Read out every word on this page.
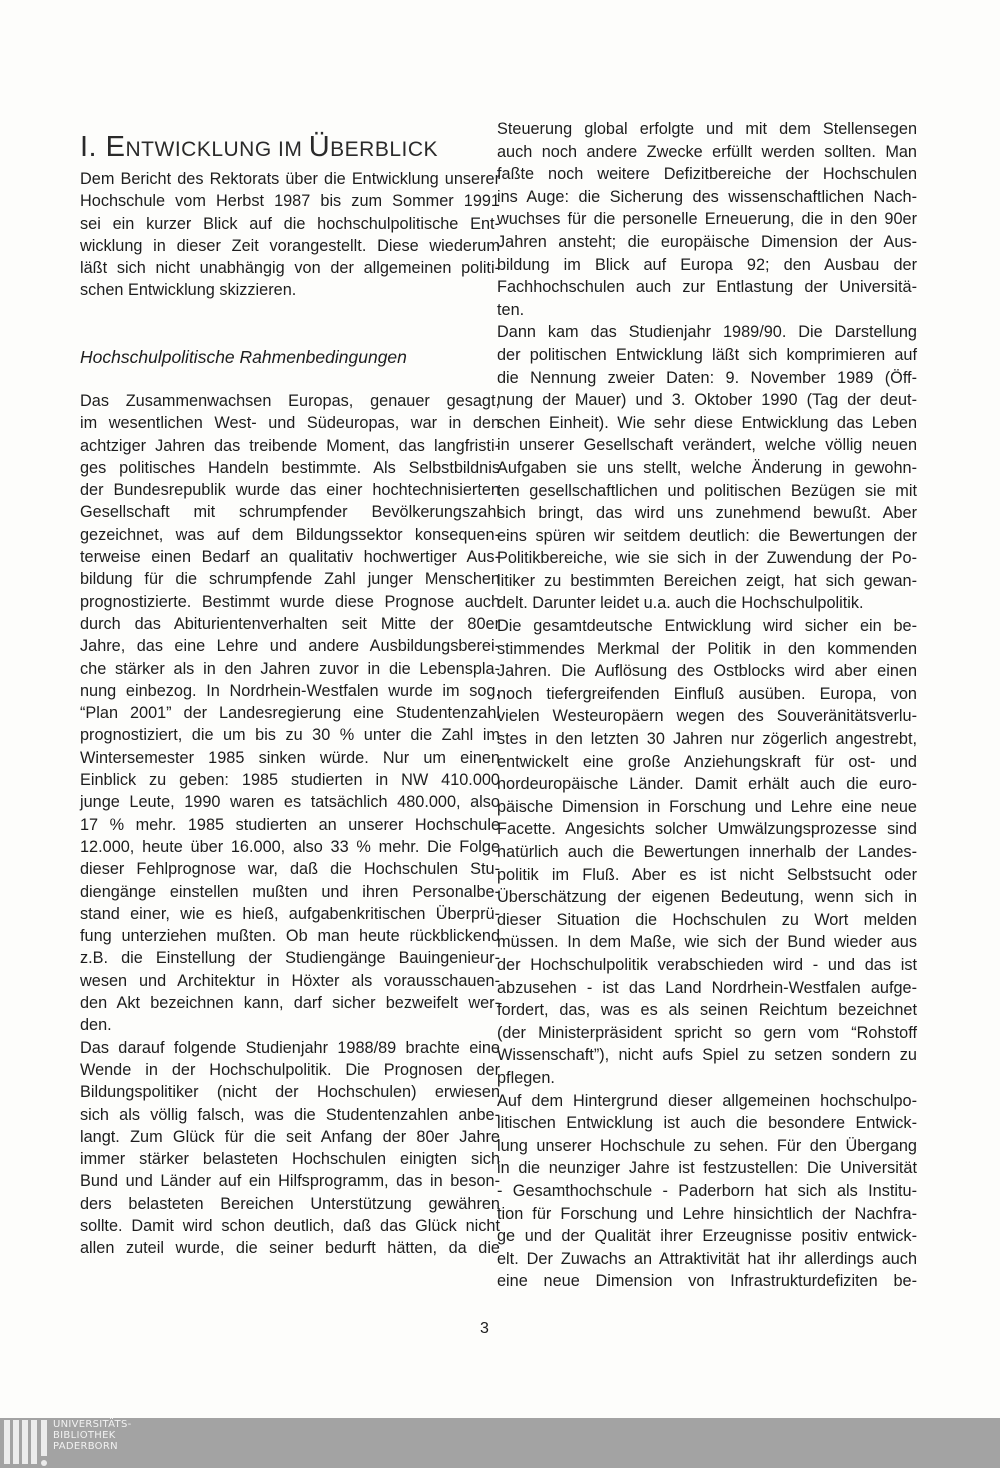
I. ENTWICKLUNG IM ÜBERBLICK
Dem Bericht des Rektorats über die Entwicklung unserer
Hochschule vom Herbst 1987 bis zum Sommer 1991
sei ein kurzer Blick auf die hochschulpolitische Ent-
wicklung in dieser Zeit vorangestellt. Diese wiederum
läßt sich nicht unabhängig von der allgemeinen politi-
schen Entwicklung skizzieren.
Hochschulpolitische Rahmenbedingungen
Das Zusammenwachsen Europas, genauer gesagt,
im wesentlichen West- und Südeuropas, war in den
achtziger Jahren das treibende Moment, das langfristi-
ges politisches Handeln bestimmte. Als Selbstbildnis
der Bundesrepublik wurde das einer hochtechnisierten
Gesellschaft mit schrumpfender Bevölkerungszahl
gezeichnet, was auf dem Bildungssektor konsequen-
terweise einen Bedarf an qualitativ hochwertiger Aus-
bildung für die schrumpfende Zahl junger Menschen
prognostizierte. Bestimmt wurde diese Prognose auch
durch das Abiturientenverhalten seit Mitte der 80er
Jahre, das eine Lehre und andere Ausbildungsberei-
che stärker als in den Jahren zuvor in die Lebenspla-
nung einbezog. In Nordrhein-Westfalen wurde im sog.
“Plan 2001” der Landesregierung eine Studentenzahl
prognostiziert, die um bis zu 30 % unter die Zahl im
Wintersemester 1985 sinken würde. Nur um einen
Einblick zu geben: 1985 studierten in NW 410.000
junge Leute, 1990 waren es tatsächlich 480.000, also
17 % mehr. 1985 studierten an unserer Hochschule
12.000, heute über 16.000, also 33 % mehr. Die Folge
dieser Fehlprognose war, daß die Hochschulen Stu-
diengänge einstellen mußten und ihren Personalbe-
stand einer, wie es hieß, aufgabenkritischen Überprü-
fung unterziehen mußten. Ob man heute rückblickend
z.B. die Einstellung der Studiengänge Bauingenieur-
wesen und Architektur in Höxter als vorausschauen-
den Akt bezeichnen kann, darf sicher bezweifelt wer-
den.
Das darauf folgende Studienjahr 1988/89 brachte eine
Wende in der Hochschulpolitik. Die Prognosen der
Bildungspolitiker (nicht der Hochschulen) erwiesen
sich als völlig falsch, was die Studentenzahlen anbe-
langt. Zum Glück für die seit Anfang der 80er Jahre
immer stärker belasteten Hochschulen einigten sich
Bund und Länder auf ein Hilfsprogramm, das in beson-
ders belasteten Bereichen Unterstützung gewähren
sollte. Damit wird schon deutlich, daß das Glück nicht
allen zuteil wurde, die seiner bedurft hätten, da die
Steuerung global erfolgte und mit dem Stellensegen
auch noch andere Zwecke erfüllt werden sollten. Man
faßte noch weitere Defizitbereiche der Hochschulen
ins Auge: die Sicherung des wissenschaftlichen Nach-
wuchses für die personelle Erneuerung, die in den 90er
Jahren ansteht; die europäische Dimension der Aus-
bildung im Blick auf Europa 92; den Ausbau der
Fachhochschulen auch zur Entlastung der Universitä-
ten.
Dann kam das Studienjahr 1989/90. Die Darstellung
der politischen Entwicklung läßt sich komprimieren auf
die Nennung zweier Daten: 9. November 1989 (Öff-
nung der Mauer) und 3. Oktober 1990 (Tag der deut-
schen Einheit). Wie sehr diese Entwicklung das Leben
in unserer Gesellschaft verändert, welche völlig neuen
Aufgaben sie uns stellt, welche Änderung in gewohn-
ten gesellschaftlichen und politischen Bezügen sie mit
sich bringt, das wird uns zunehmend bewußt. Aber
eins spüren wir seitdem deutlich: die Bewertungen der
Politikbereiche, wie sie sich in der Zuwendung der Po-
litiker zu bestimmten Bereichen zeigt, hat sich gewan-
delt. Darunter leidet u.a. auch die Hochschulpolitik.
Die gesamtdeutsche Entwicklung wird sicher ein be-
stimmendes Merkmal der Politik in den kommenden
Jahren. Die Auflösung des Ostblocks wird aber einen
noch tiefergreifenden Einfluß ausüben. Europa, von
vielen Westeuropäern wegen des Souveränitätsverlu-
stes in den letzten 30 Jahren nur zögerlich angestrebt,
entwickelt eine große Anziehungskraft für ost- und
nordeuropäische Länder. Damit erhält auch die euro-
päische Dimension in Forschung und Lehre eine neue
Facette. Angesichts solcher Umwälzungsprozesse sind
natürlich auch die Bewertungen innerhalb der Landes-
politik im Fluß. Aber es ist nicht Selbstsucht oder
Überschätzung der eigenen Bedeutung, wenn sich in
dieser Situation die Hochschulen zu Wort melden
müssen. In dem Maße, wie sich der Bund wieder aus
der Hochschulpolitik verabschieden wird - und das ist
abzusehen - ist das Land Nordrhein-Westfalen aufge-
fordert, das, was es als seinen Reichtum bezeichnet
(der Ministerpräsident spricht so gern vom “Rohstoff
Wissenschaft”), nicht aufs Spiel zu setzen sondern zu
pflegen.
Auf dem Hintergrund dieser allgemeinen hochschulpo-
litischen Entwicklung ist auch die besondere Entwick-
lung unserer Hochschule zu sehen. Für den Übergang
in die neunziger Jahre ist festzustellen: Die Universität
- Gesamthochschule - Paderborn hat sich als Institu-
tion für Forschung und Lehre hinsichtlich der Nachfra-
ge und der Qualität ihrer Erzeugnisse positiv entwick-
elt. Der Zuwachs an Attraktivität hat ihr allerdings auch
eine neue Dimension von Infrastrukturdefiziten be-
3
UNIVERSITÄTS-
BIBLIOTHEK
PADERBORN
